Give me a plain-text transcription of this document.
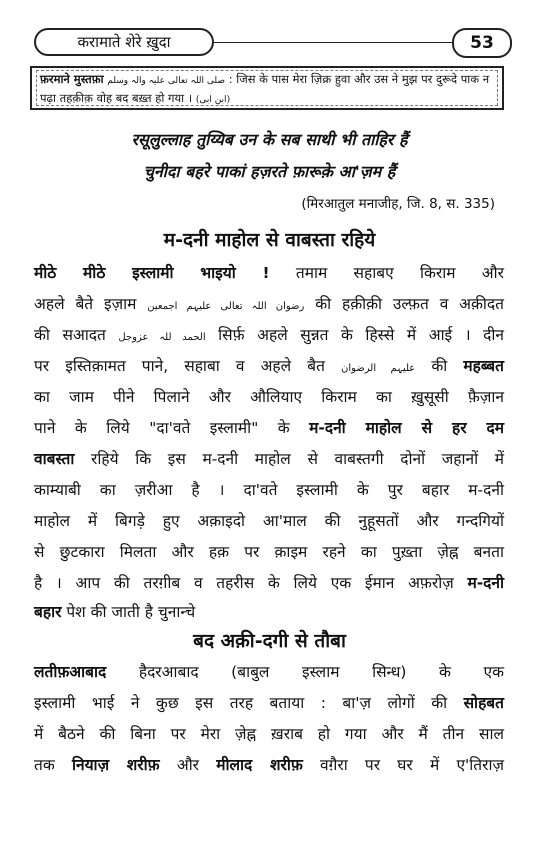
करामाते शेरे ख़ुदा	53
फ़रमाने मुस्तफ़ा صلی اللہ تعالی علیہ والہ وسلم : जिस के पास मेरा ज़िक्र हुवा और उस ने मुझ पर दुरूदे पाक न पढ़ा तहक़ीक़ वोह बद बख़्त हो गया । (ابن ابی)
रसूलुल्लाह तुय्यिब उन के सब साथी भी ताहिर हैं
चुनीदा बहरे पाकां हज़रते फ़ारूक़े आ'ज़म हैं
(मिरआतुल मनाजीह, जि. 8, स. 335)
म-दनी माहोल से वाबस्ता रहिये
मीठे मीठे इस्लामी भाइयो ! तमाम सहाबए किराम और
अहले बैते इज़ाम رضوان اللہ تعالی علیہم اجمعین की हक़ीक़ी उल्फ़त व अक़ीदत
की सआदत الحمد للہ عزوجل सिर्फ़ अहले सुन्नत के हिस्से में आई । दीन
पर इस्तिक़ामत पाने, सहाबा व अहले बैत علیہم الرضوان की महब्बत
का जाम पीने पिलाने और औलियाए किराम का ख़ुसूसी फ़ैज़ान
पाने के लिये "दा'वते इस्लामी" के म-दनी माहोल से हर दम
वाबस्ता रहिये कि इस म-दनी माहोल से वाबस्तगी दोनों जहानों में
काम्याबी का ज़रीआ है । दा'वते इस्लामी के पुर बहार म-दनी
माहोल में बिगड़े हुए अक़ाइदो आ'माल की नुहूसतों और गन्दगियों
से छुटकारा मिलता और हक़ पर क़ाइम रहने का पुख़्ता ज़ेह्न बनता
है । आप की तरग़ीब व तहरीस के लिये एक ईमान अफ़रोज़ म-दनी
बहार पेश की जाती है चुनान्चे
बद अक़ी-दगी से तौबा
लतीफ़आबाद हैदरआबाद (बाबुल इस्लाम सिन्ध) के एक
इस्लामी भाई ने कुछ इस तरह बताया : बा'ज़ लोगों की सोहबत
में बैठने की बिना पर मेरा ज़ेह्न ख़राब हो गया और मैं तीन साल
तक नियाज़ शरीफ़ और मीलाद शरीफ़ वग़ैरा पर घर में ए'तिराज़
